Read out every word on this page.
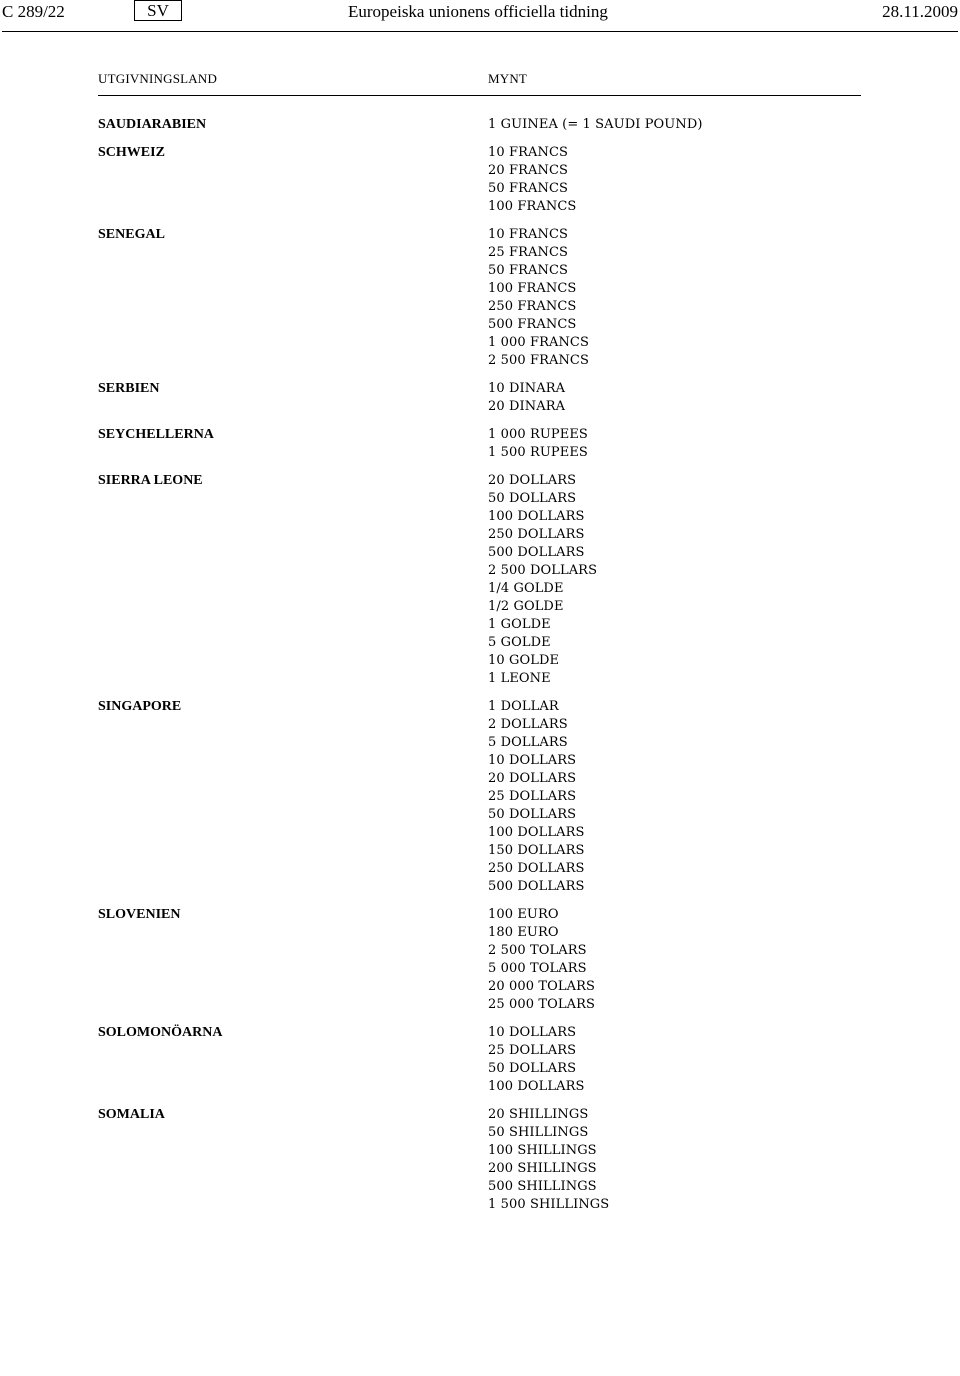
C 289/22	SV	Europeiska unionens officiella tidning	28.11.2009
UTGIVNINGSLAND	MYNT
SAUDIARABIEN	1 GUINEA (= 1 SAUDI POUND)
SCHWEIZ	10 FRANCS
20 FRANCS
50 FRANCS
100 FRANCS
SENEGAL	10 FRANCS
25 FRANCS
50 FRANCS
100 FRANCS
250 FRANCS
500 FRANCS
1 000 FRANCS
2 500 FRANCS
SERBIEN	10 DINARA
20 DINARA
SEYCHELLERNA	1 000 RUPEES
1 500 RUPEES
SIERRA LEONE	20 DOLLARS
50 DOLLARS
100 DOLLARS
250 DOLLARS
500 DOLLARS
2 500 DOLLARS
1/4 GOLDE
1/2 GOLDE
1 GOLDE
5 GOLDE
10 GOLDE
1 LEONE
SINGAPORE	1 DOLLAR
2 DOLLARS
5 DOLLARS
10 DOLLARS
20 DOLLARS
25 DOLLARS
50 DOLLARS
100 DOLLARS
150 DOLLARS
250 DOLLARS
500 DOLLARS
SLOVENIEN	100 EURO
180 EURO
2 500 TOLARS
5 000 TOLARS
20 000 TOLARS
25 000 TOLARS
SOLOMONÖARNA	10 DOLLARS
25 DOLLARS
50 DOLLARS
100 DOLLARS
SOMALIA	20 SHILLINGS
50 SHILLINGS
100 SHILLINGS
200 SHILLINGS
500 SHILLINGS
1 500 SHILLINGS
